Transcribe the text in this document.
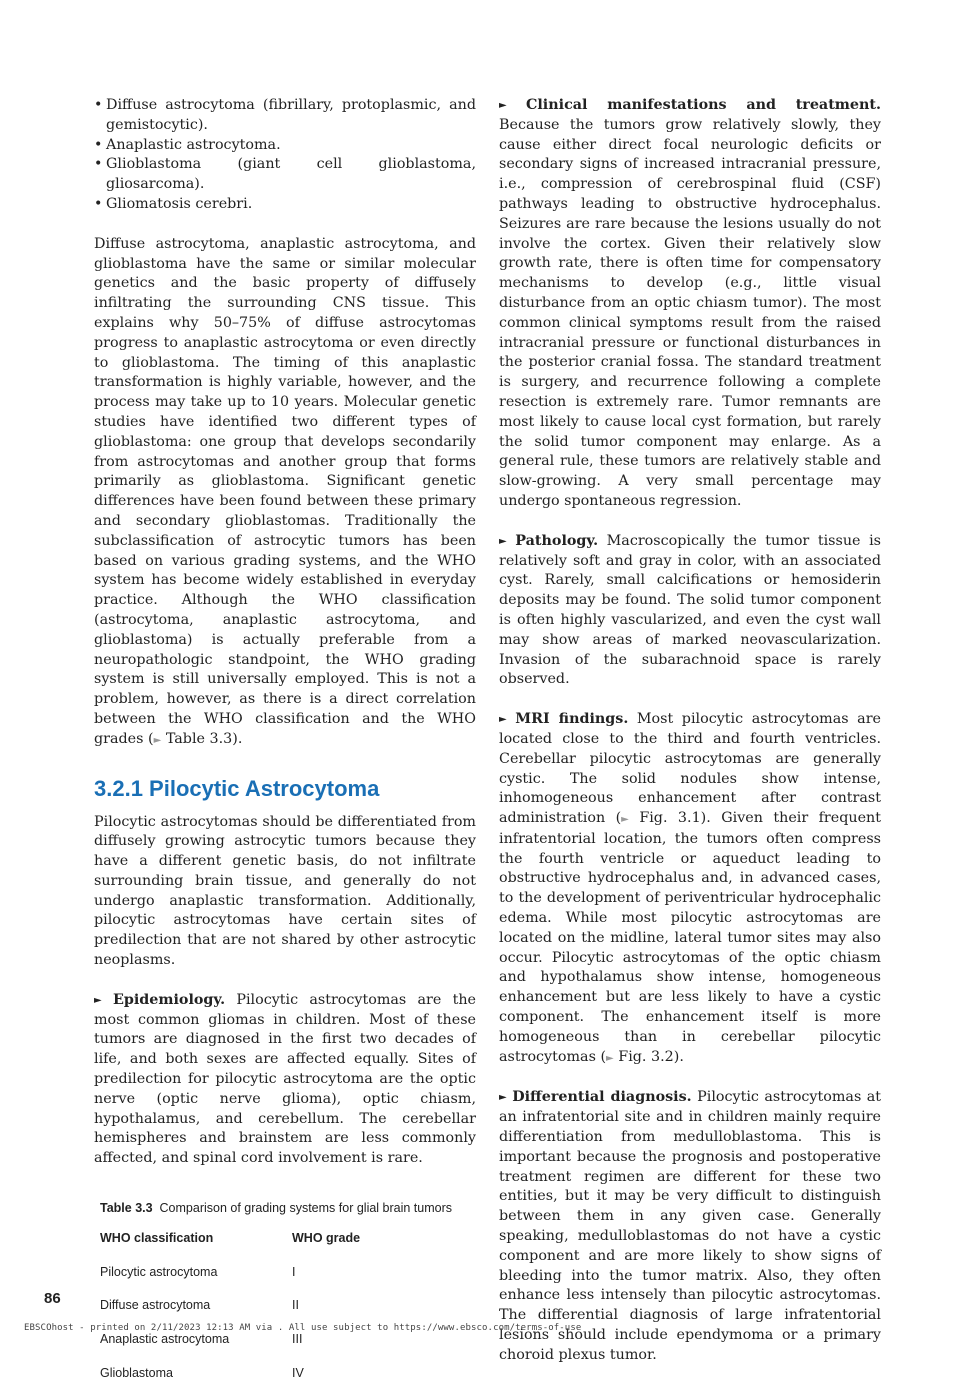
• Diffuse astrocytoma (fibrillary, protoplasmic, and gemistocytic).
• Anaplastic astrocytoma.
• Glioblastoma (giant cell glioblastoma, gliosarcoma).
• Gliomatosis cerebri.

Diffuse astrocytoma, anaplastic astrocytoma, and glioblastoma have the same or similar molecular genetics and the basic property of diffusely infiltrating the surrounding CNS tissue. This explains why 50–75% of diffuse astrocytomas progress to anaplastic astrocytoma or even directly to glioblastoma. The timing of this anaplastic transformation is highly variable, however, and the process may take up to 10 years. Molecular genetic studies have identified two different types of glioblastoma: one group that develops secondarily from astrocytomas and another group that forms primarily as glioblastoma. Significant genetic differences have been found between these primary and secondary glioblastomas. Traditionally the subclassification of astrocytic tumors has been based on various grading systems, and the WHO system has become widely established in everyday practice. Although the WHO classification (astrocytoma, anaplastic astrocytoma, and glioblastoma) is actually preferable from a neuropathologic standpoint, the WHO grading system is still universally employed. This is not a problem, however, as there is a direct correlation between the WHO classification and the WHO grades (► Table 3.3).

3.2.1 Pilocytic Astrocytoma

Pilocytic astrocytomas should be differentiated from diffusely growing astrocytic tumors because they have a different genetic basis, do not infiltrate surrounding brain tissue, and generally do not undergo anaplastic transformation. Additionally, pilocytic astrocytomas have certain sites of predilection that are not shared by other astrocytic neoplasms.

► Epidemiology. Pilocytic astrocytomas are the most common gliomas in children. Most of these tumors are diagnosed in the first two decades of life, and both sexes are affected equally. Sites of predilection for pilocytic astrocytoma are the optic nerve (optic nerve glioma), optic chiasm, hypothalamus, and cerebellum. The cerebellar hemispheres and brainstem are less commonly affected, and spinal cord involvement is rare.

Table 3.3 Comparison of grading systems for glial brain tumors
WHO classification	WHO grade
Pilocytic astrocytoma	I
Diffuse astrocytoma	II
Anaplastic astrocytoma	III
Glioblastoma	IV

► Clinical manifestations and treatment. Because the tumors grow relatively slowly, they cause either direct focal neurologic deficits or secondary signs of increased intracranial pressure, i.e., compression of cerebrospinal fluid (CSF) pathways leading to obstructive hydrocephalus. Seizures are rare because the lesions usually do not involve the cortex. Given their relatively slow growth rate, there is often time for compensatory mechanisms to develop (e.g., little visual disturbance from an optic chiasm tumor). The most common clinical symptoms result from the raised intracranial pressure or functional disturbances in the posterior cranial fossa. The standard treatment is surgery, and recurrence following a complete resection is extremely rare. Tumor remnants are most likely to cause local cyst formation, but rarely the solid tumor component may enlarge. As a general rule, these tumors are relatively stable and slow-growing. A very small percentage may undergo spontaneous regression.

► Pathology. Macroscopically the tumor tissue is relatively soft and gray in color, with an associated cyst. Rarely, small calcifications or hemosiderin deposits may be found. The solid tumor component is often highly vascularized, and even the cyst wall may show areas of marked neovascularization. Invasion of the subarachnoid space is rarely observed.

► MRI findings. Most pilocytic astrocytomas are located close to the third and fourth ventricles. Cerebellar pilocytic astrocytomas are generally cystic. The solid nodules show intense, inhomogeneous enhancement after contrast administration (► Fig. 3.1). Given their frequent infratentorial location, the tumors often compress the fourth ventricle or aqueduct leading to obstructive hydrocephalus and, in advanced cases, to the development of periventricular hydrocephalic edema. While most pilocytic astrocytomas are located on the midline, lateral tumor sites may also occur. Pilocytic astrocytomas of the optic chiasm and hypothalamus show intense, homogeneous enhancement but are less likely to have a cystic component. The enhancement itself is more homogeneous than in cerebellar pilocytic astrocytomas (► Fig. 3.2).

► Differential diagnosis. Pilocytic astrocytomas at an infratentorial site and in children mainly require differentiation from medulloblastoma. This is important because the prognosis and postoperative treatment regimen are different for these two entities, but it may be very difficult to distinguish between them in any given case. Generally speaking, medulloblastomas do not have a cystic component and are more likely to show signs of bleeding into the tumor matrix. Also, they often enhance less intensely than pilocytic astrocytomas. The differential diagnosis of large infratentorial lesions should include ependymoma or a primary choroid plexus tumor.

86
EBSCOhost - printed on 2/11/2023 12:13 AM via . All use subject to https://www.ebsco.com/terms-of-use
